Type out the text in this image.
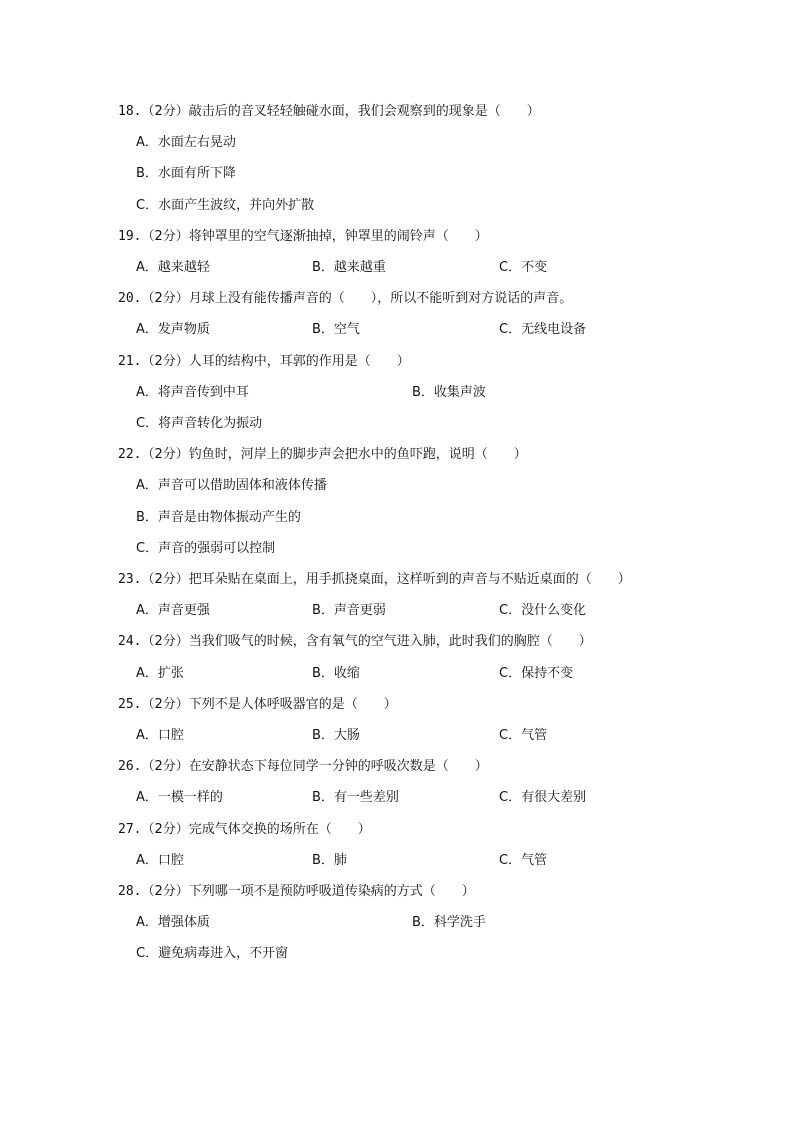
18.（2分）敲击后的音叉轻轻触碰水面，我们会观察到的现象是（　　）
A．水面左右晃动
B．水面有所下降
C．水面产生波纹，并向外扩散
19.（2分）将钟罩里的空气逐渐抽掉，钟罩里的闹铃声（　　）
A．越来越轻	B．越来越重	C．不变
20.（2分）月球上没有能传播声音的（　　），所以不能听到对方说话的声音。
A．发声物质	B．空气	C．无线电设备
21.（2分）人耳的结构中，耳郭的作用是（　　）
A．将声音传到中耳	B．收集声波
C．将声音转化为振动
22.（2分）钓鱼时，河岸上的脚步声会把水中的鱼吓跑，说明（　　）
A．声音可以借助固体和液体传播
B．声音是由物体振动产生的
C．声音的强弱可以控制
23.（2分）把耳朵贴在桌面上，用手抓挠桌面，这样听到的声音与不贴近桌面的（　　）
A．声音更强	B．声音更弱	C．没什么变化
24.（2分）当我们吸气的时候，含有氧气的空气进入肺，此时我们的胸腔（　　）
A．扩张	B．收缩	C．保持不变
25.（2分）下列不是人体呼吸器官的是（　　）
A．口腔	B．大肠	C．气管
26.（2分）在安静状态下每位同学一分钟的呼吸次数是（　　）
A．一模一样的	B．有一些差别	C．有很大差别
27.（2分）完成气体交换的场所在（　　）
A．口腔	B．肺	C．气管
28.（2分）下列哪一项不是预防呼吸道传染病的方式（　　）
A．增强体质	B．科学洗手
C．避免病毒进入，不开窗
